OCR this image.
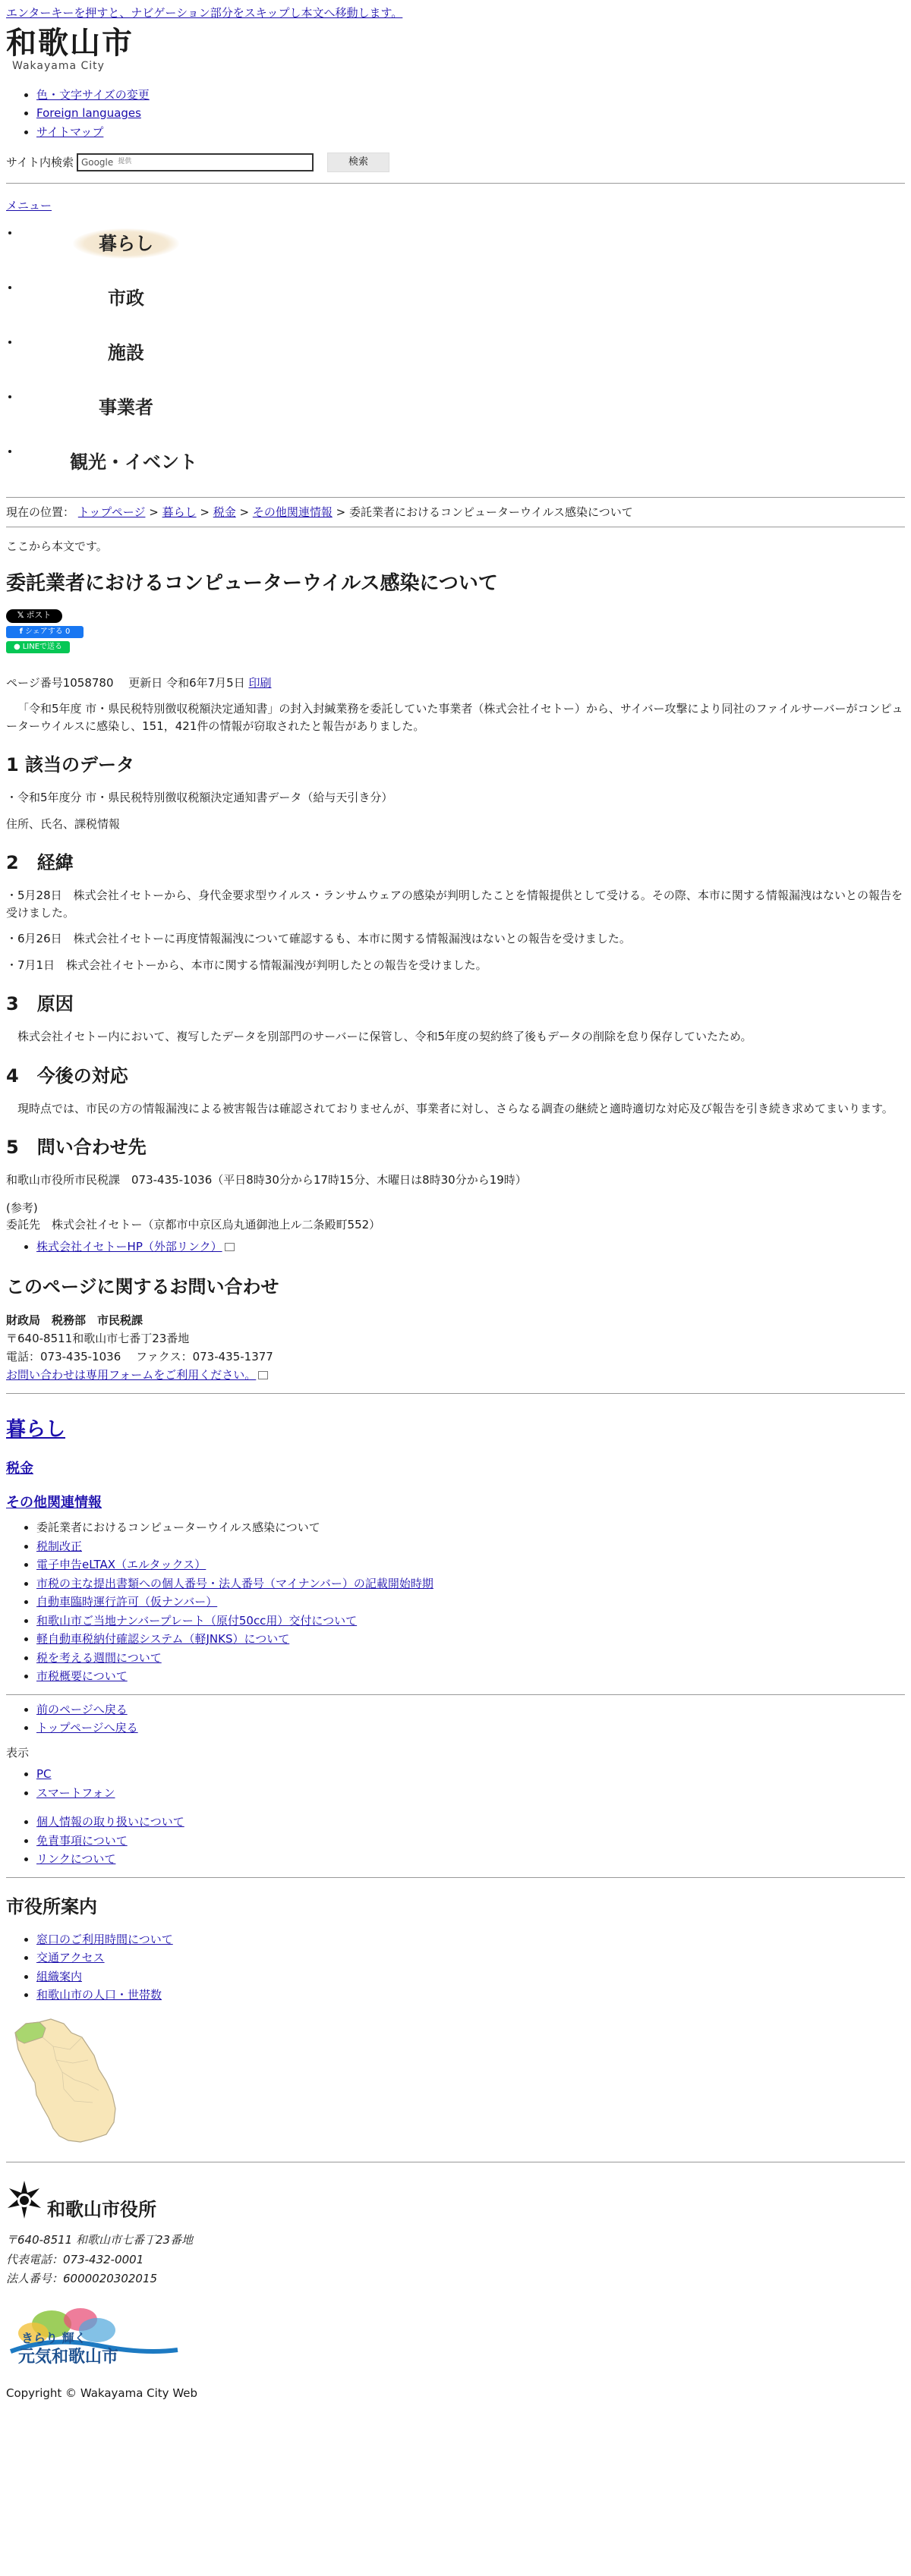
エンターキーを押すと、ナビゲーション部分をスキップし本文へ移動します。
和歌山市
Wakayama City
• 色・文字サイズの変更
• Foreign languages
• サイトマップ
サイト内検索 Google 提供	検索
メニュー
• 暮らし
• 市政
• 施設
• 事業者
• 観光・イベント
現在の位置： トップページ > 暮らし > 税金 > その他関連情報 > 委託業者におけるコンピューターウイルス感染について

ここから本文です。

委託業者におけるコンピューターウイルス感染について
𝕏 ポスト
f シェアする 0
● LINEで送る
ページ番号1058780　 更新日 令和6年7月5日 印刷

「令和5年度 市・県民税特別徴収税額決定通知書」の封入封緘業務を委託していた事業者（株式会社イセトー）から、サイバー攻撃により同社のファイルサーバーがコンピューターウイルスに感染し、151，421件の情報が窃取されたと報告がありました。

1 該当のデータ

・令和5年度分 市・県民税特別徴収税額決定通知書データ（給与天引き分）

住所、氏名、課税情報

2　経緯

・5月28日　株式会社イセトーから、身代金要求型ウイルス・ランサムウェアの感染が判明したことを情報提供として受ける。その際、本市に関する情報漏洩はないとの報告を受けました。

・6月26日　株式会社イセトーに再度情報漏洩について確認するも、本市に関する情報漏洩はないとの報告を受けました。

・7月1日　株式会社イセトーから、本市に関する情報漏洩が判明したとの報告を受けました。

3　原因

　株式会社イセトー内において、複写したデータを別部門のサーバーに保管し、令和5年度の契約終了後もデータの削除を怠り保存していたため。

4　今後の対応

　現時点では、市民の方の情報漏洩による被害報告は確認されておりませんが、事業者に対し、さらなる調査の継続と適時適切な対応及び報告を引き続き求めてまいります。

5　問い合わせ先

和歌山市役所市民税課　073-435-1036（平日8時30分から17時15分、木曜日は8時30分から19時）

(参考)
委託先　株式会社イセトー（京都市中京区烏丸通御池上ル二条殿町552）
• 株式会社イセトーHP（外部リンク）
このページに関するお問い合わせ
財政局　税務部　市民税課
〒640-8511和歌山市七番丁23番地
電話：073-435-1036　 ファクス：073-435-1377
お問い合わせは専用フォームをご利用ください。
暮らし
税金
その他関連情報
• 委託業者におけるコンピューターウイルス感染について
• 税制改正
• 電子申告eLTAX（エルタックス）
• 市税の主な提出書類への個人番号・法人番号（マイナンバー）の記載開始時期
• 自動車臨時運行許可（仮ナンバー）
• 和歌山市ご当地ナンバープレート（原付50cc用）交付について
• 軽自動車税納付確認システム（軽JNKS）について
• 税を考える週間について
• 市税概要について
• 前のページへ戻る
• トップページへ戻る
表示
• PC
• スマートフォン
• 個人情報の取り扱いについて
• 免責事項について
• リンクについて
市役所案内
• 窓口のご利用時間について
• 交通アクセス
• 組織案内
• 和歌山市の人口・世帯数
和歌山市役所
〒640-8511 和歌山市七番丁23番地
代表電話：073-432-0001
法人番号：6000020302015
きらり 輝く
元気和歌山市
Copyright © Wakayama City Web
